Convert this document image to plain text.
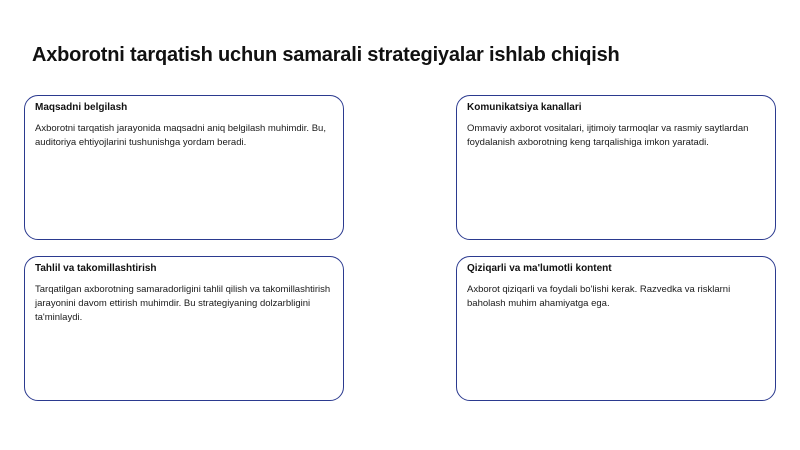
Axborotni tarqatish uchun samarali strategiyalar ishlab chiqish
Maqsadni belgilash

Axborotni tarqatish jarayonida maqsadni aniq belgilash muhimdir. Bu, auditoriya ehtiyojlarini tushunishga yordam beradi.

Komunikatsiya kanallari

Ommaviy axborot vositalari, ijtimoiy tarmoqlar va rasmiy saytlardan foydalanish axborotning keng tarqalishiga imkon yaratadi.

Tahlil va takomillashtirish

Tarqatilgan axborotning samaradorligini tahlil qilish va takomillashtirish jarayonini davom ettirish muhimdir. Bu strategiyaning dolzarbligini ta'minlaydi.

Qiziqarli va ma'lumotli kontent

Axborot qiziqarli va foydali bo'lishi kerak. Razvedka va risklarni baholash muhim ahamiyatga ega.
